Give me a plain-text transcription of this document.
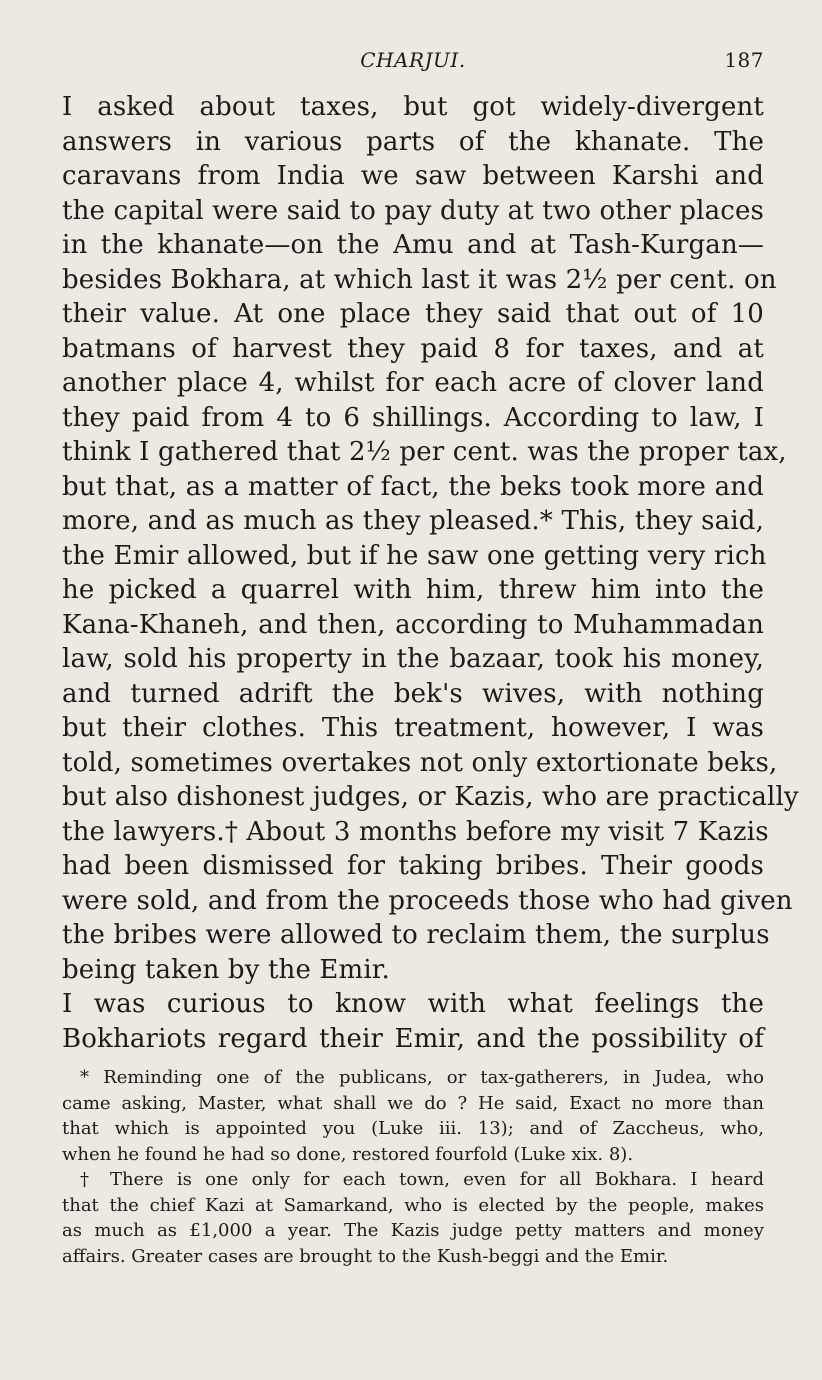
CHARJUI.	187
I asked about taxes, but got widely-divergent
answers in various parts of the khanate. The
caravans from India we saw between Karshi and
the capital were said to pay duty at two other places
in the khanate—on the Amu and at Tash-Kurgan—
besides Bokhara, at which last it was 2½ per cent. on
their value. At one place they said that out of 10
batmans of harvest they paid 8 for taxes, and at
another place 4, whilst for each acre of clover land
they paid from 4 to 6 shillings. According to law, I
think I gathered that 2½ per cent. was the proper tax,
but that, as a matter of fact, the beks took more and
more, and as much as they pleased.* This, they said,
the Emir allowed, but if he saw one getting very rich
he picked a quarrel with him, threw him into the
Kana-Khaneh, and then, according to Muhammadan
law, sold his property in the bazaar, took his money,
and turned adrift the bek's wives, with nothing
but their clothes. This treatment, however, I was
told, sometimes overtakes not only extortionate beks,
but also dishonest judges, or Kazis, who are practically
the lawyers.† About 3 months before my visit 7 Kazis
had been dismissed for taking bribes. Their goods
were sold, and from the proceeds those who had given
the bribes were allowed to reclaim them, the surplus
being taken by the Emir.
I was curious to know with what feelings the
Bokhariots regard their Emir, and the possibility of
* Reminding one of the publicans, or tax-gatherers, in Judea, who
came asking, Master, what shall we do ? He said, Exact no more than
that which is appointed you (Luke iii. 13); and of Zaccheus, who,
when he found he had so done, restored fourfold (Luke xix. 8).
† There is one only for each town, even for all Bokhara. I heard
that the chief Kazi at Samarkand, who is elected by the people, makes
as much as £1,000 a year. The Kazis judge petty matters and money
affairs. Greater cases are brought to the Kush-beggi and the Emir.
